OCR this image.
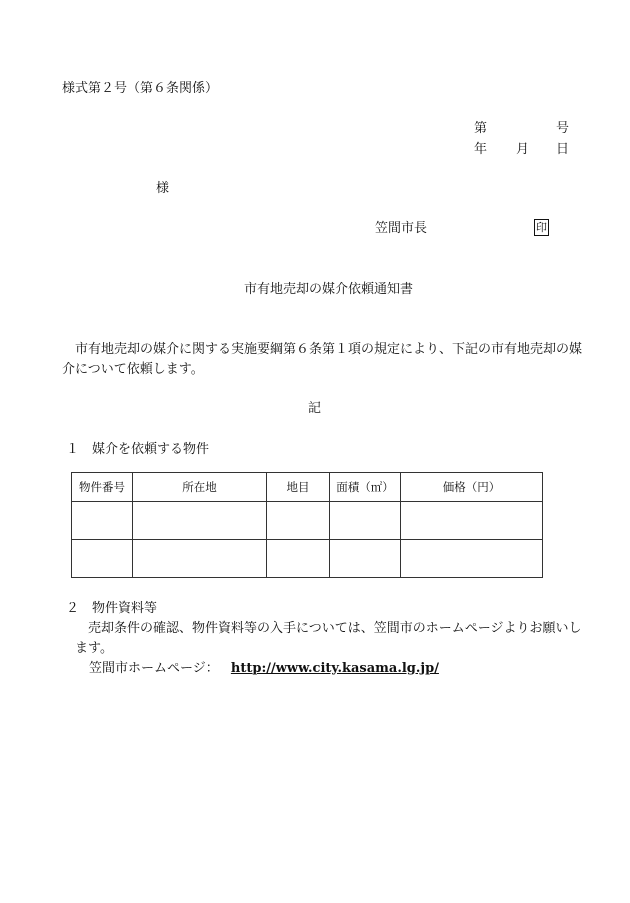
様式第２号（第６条関係）
第	号
年 月 日
様
笠間市長	印
市有地売却の媒介依頼通知書

市有地売却の媒介に関する実施要綱第６条第１項の規定により、下記の市有地売却の媒介について依頼します。

記
１　媒介を依頼する物件
物件番号	所在地	地目	面積（㎡）	価格（円）

２　物件資料等

売却条件の確認、物件資料等の入手については、笠間市のホームページよりお願いします。

笠間市ホームページ： http://www.city.kasama.lg.jp/
